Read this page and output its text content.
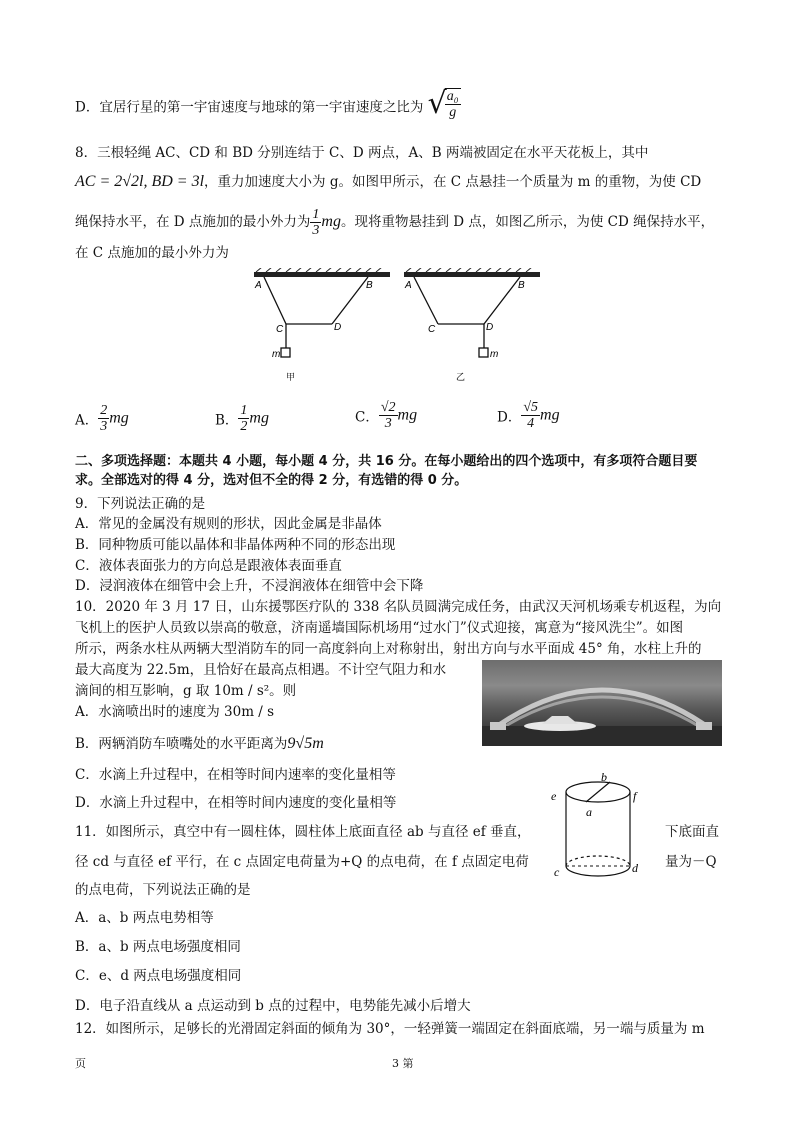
D．宜居行星的第一宇宙速度与地球的第一宇宙速度之比为 √
$\frac{\text{a₀}}{g}$
8．三根轻绳 AC、CD 和 BD 分别连结于 C、D 两点，A、B 两端被固定在水平天花板上，其中
AC = 2√2l, BD = 3l，重力加速度大小为 g。如图甲所示，在 C 点悬挂一个质量为 m 的重物，为使 CD
绳保持水平，在 D 点施加的最小外力为 $\frac{1}{3}$ mg。现将重物悬挂到 D 点，如图乙所示，为使 CD 绳保持水平，
在 C 点施加的最小外力为
A	B
C	D
m
甲
A	B
C	D
m
乙
A． $\frac{2}{3}$ mg	B． $\frac{1}{2}$ mg	C． $\frac{√2}{3}$ mg	D． $\frac{√5}{4}$ mg
二、多项选择题：本题共 4 小题，每小题 4 分，共 16 分。在每小题给出的四个选项中，有多项符合题目要
求。全部选对的得 4 分，选对但不全的得 2 分，有选错的得 0 分。
9．下列说法正确的是
A．常见的金属没有规则的形状，因此金属是非晶体
B．同种物质可能以晶体和非晶体两种不同的形态出现
C．液体表面张力的方向总是跟液体表面垂直
D．浸润液体在细管中会上升，不浸润液体在细管中会下降
10．2020 年 3 月 17 日，山东援鄂医疗队的 338 名队员圆满完成任务，由武汉天河机场乘专机返程，为向
飞机上的医护人员致以崇高的敬意，济南遥墙国际机场用“过水门”仪式迎接，寓意为“接风洗尘”。如图
所示，两条水柱从两辆大型消防车的同一高度斜向上对称射出，射出方向与水平面成 45° 角，水柱上升的
最大高度为 22.5m，且恰好在最高点相遇。不计空气阻力和水
滴间的相互影响，g 取 10m / s²。则
A．水滴喷出时的速度为 30m / s
B．两辆消防车喷嘴处的水平距离为9√5m
C．水滴上升过程中，在相等时间内速率的变化量相等
D．水滴上升过程中，在相等时间内速度的变化量相等
11．如图所示，真空中有一圆柱体，圆柱体上底面直径 ab 与直径 ef 垂直，	下底面直
径 cd 与直径 ef 平行，在 c 点固定电荷量为+Q 的点电荷，在 f 点固定电荷	量为－Q
的点电荷，下列说法正确的是
e	f
b
a
c	d
A．a、b 两点电势相等
B．a、b 两点电场强度相同
C．e、d 两点电场强度相同
D．电子沿直线从 a 点运动到 b 点的过程中，电势能先减小后增大
12．如图所示，足够长的光滑固定斜面的倾角为 30°，一轻弹簧一端固定在斜面底端，另一端与质量为 m
页	3 第
